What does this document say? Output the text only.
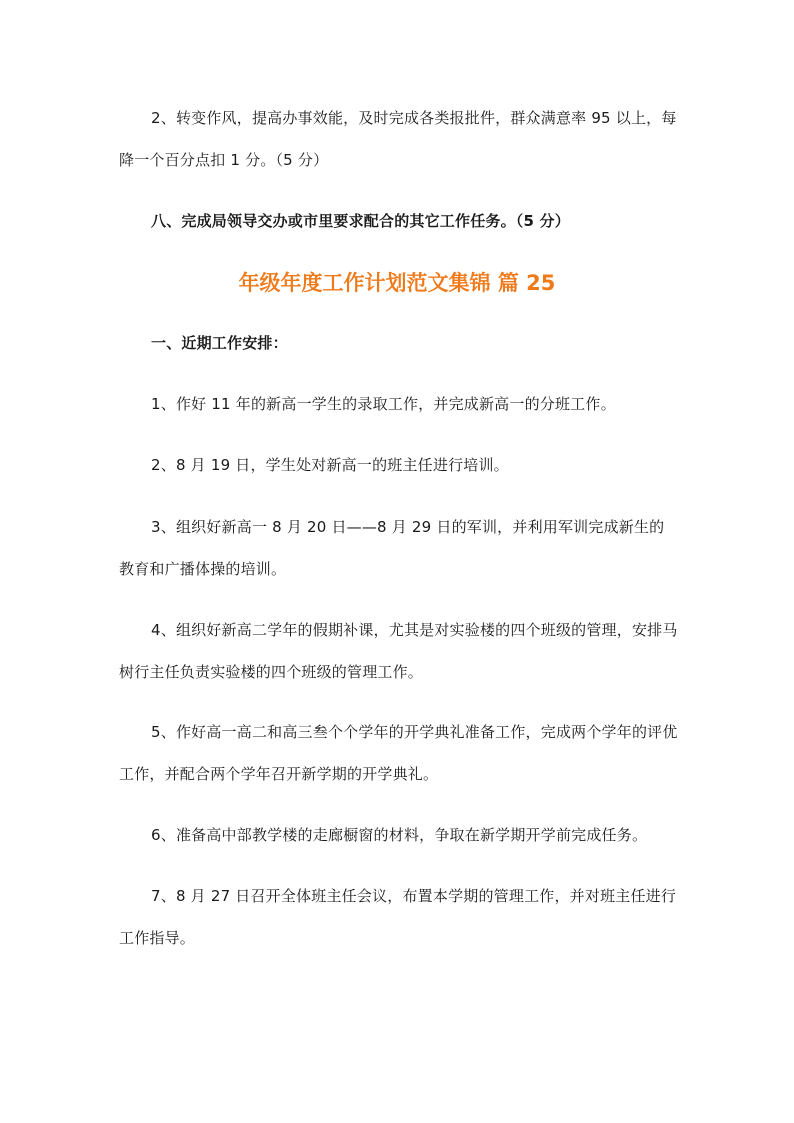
2、转变作风，提高办事效能，及时完成各类报批件，群众满意率 95 以上，每降一个百分点扣 1 分。（5 分）

八、完成局领导交办或市里要求配合的其它工作任务。（5 分）

年级年度工作计划范文集锦 篇 25

一、近期工作安排：

1、作好 11 年的新高一学生的录取工作，并完成新高一的分班工作。

2、8 月 19 日，学生处对新高一的班主任进行培训。

3、组织好新高一 8 月 20 日——8 月 29 日的军训，并利用军训完成新生的教育和广播体操的培训。

4、组织好新高二学年的假期补课，尤其是对实验楼的四个班级的管理，安排马树行主任负责实验楼的四个班级的管理工作。

5、作好高一高二和高三叁个个学年的开学典礼准备工作，完成两个学年的评优工作，并配合两个学年召开新学期的开学典礼。

6、准备高中部教学楼的走廊橱窗的材料，争取在新学期开学前完成任务。

7、8 月 27 日召开全体班主任会议，布置本学期的管理工作，并对班主任进行工作指导。
